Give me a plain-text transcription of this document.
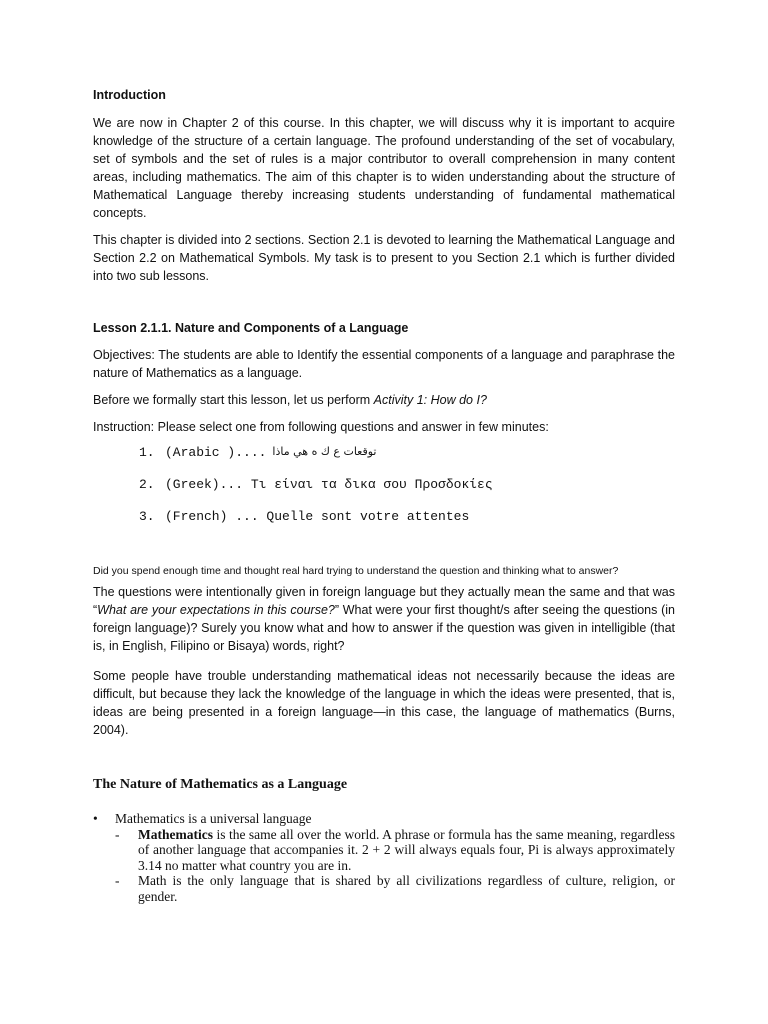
Introduction

We are now in Chapter 2 of this course. In this chapter, we will discuss why it is important to acquire knowledge of the structure of a certain language. The profound understanding of the set of vocabulary, set of symbols and the set of rules is a major contributor to overall comprehension in many content areas, including mathematics. The aim of this chapter is to widen understanding about the structure of Mathematical Language thereby increasing students understanding of fundamental mathematical concepts.

This chapter is divided into 2 sections. Section 2.1 is devoted to learning the Mathematical Language and Section 2.2 on Mathematical Symbols. My task is to present to you Section 2.1 which is further divided into two sub lessons.

Lesson 2.1.1. Nature and Components of a Language

Objectives: The students are able to Identify the essential components of a language and paraphrase the nature of Mathematics as a language.

Before we formally start this lesson, let us perform Activity 1: How do I?

Instruction: Please select one from following questions and answer in few minutes:

1. (Arabic ).... توقعات ع ك ه هي ماذا
2. (Greek)... Τι είναι τα δικα σου Προσδοκίες
3. (French) ... Quelle sont votre attentes

Did you spend enough time and thought real hard trying to understand the question and thinking what to answer?

The questions were intentionally given in foreign language but they actually mean the same and that was “What are your expectations in this course?” What were your first thought/s after seeing the questions (in foreign language)? Surely you know what and how to answer if the question was given in intelligible (that is, in English, Filipino or Bisaya) words, right?

Some people have trouble understanding mathematical ideas not necessarily because the ideas are difficult, but because they lack the knowledge of the language in which the ideas were presented, that is, ideas are being presented in a foreign language—in this case, the language of mathematics (Burns, 2004).

The Nature of Mathematics as a Language

•	Mathematics is a universal language
-	Mathematics is the same all over the world. A phrase or formula has the same meaning, regardless of another language that accompanies it. 2 + 2 will always equals four, Pi is always approximately 3.14 no matter what country you are in.
-	Math is the only language that is shared by all civilizations regardless of culture, religion, or gender.
